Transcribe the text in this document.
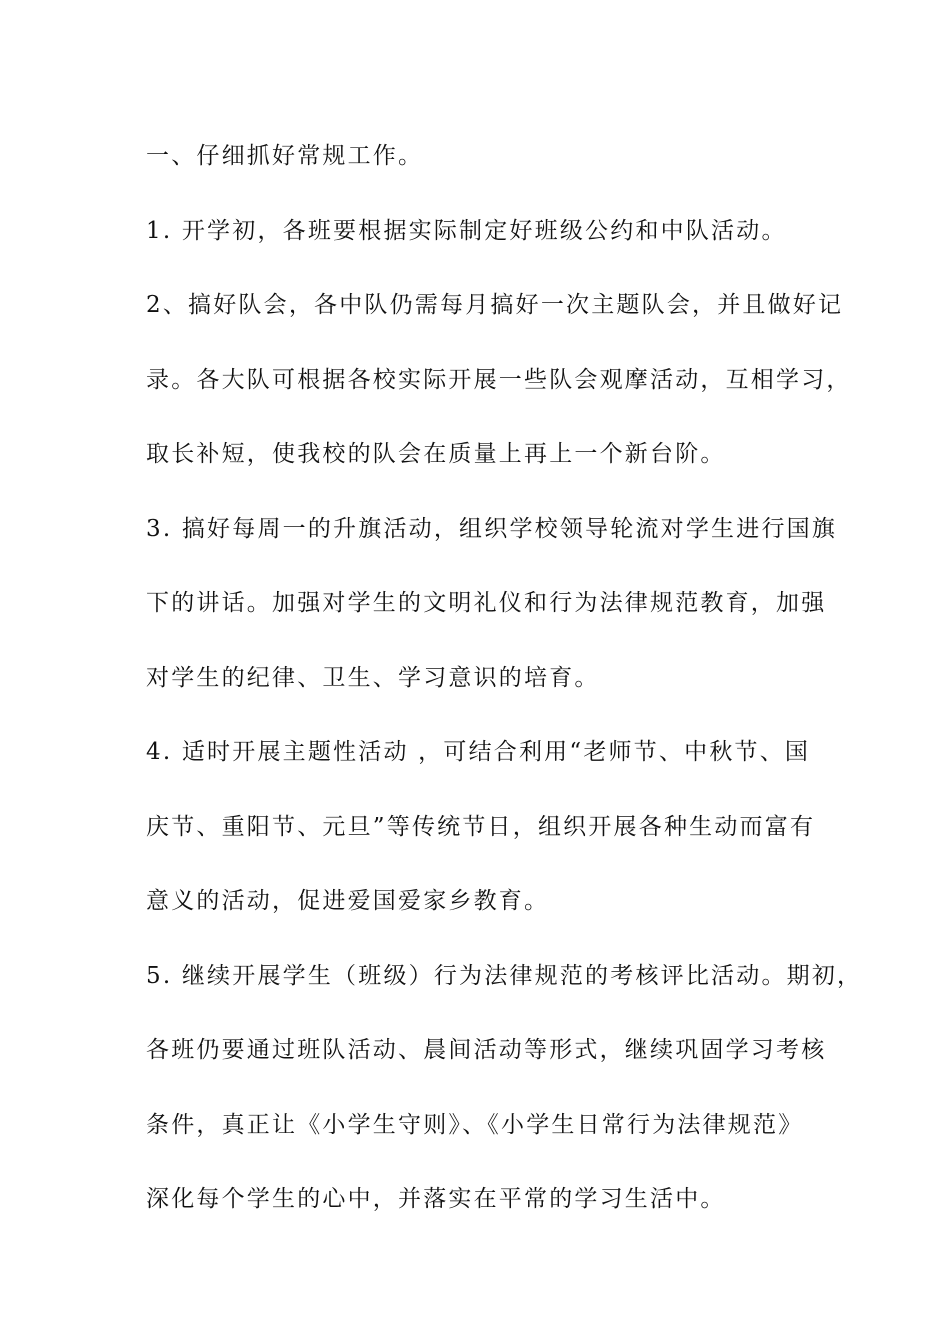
一、仔细抓好常规工作。
1. 开学初，各班要根据实际制定好班级公约和中队活动。
2、搞好队会，各中队仍需每月搞好一次主题队会，并且做好记
录。各大队可根据各校实际开展一些队会观摩活动，互相学习，
取长补短，使我校的队会在质量上再上一个新台阶。
3. 搞好每周一的升旗活动，组织学校领导轮流对学生进行国旗
下的讲话。加强对学生的文明礼仪和行为法律规范教育，加强
对学生的纪律、卫生、学习意识的培育。
4. 适时开展主题性活动 ，可结合利用“老师节、中秋节、国
庆节、重阳节、元旦”等传统节日，组织开展各种生动而富有
意义的活动，促进爱国爱家乡教育。
5. 继续开展学生（班级）行为法律规范的考核评比活动。期初，
各班仍要通过班队活动、晨间活动等形式，继续巩固学习考核
条件，真正让《小学生守则》、《小学生日常行为法律规范》
深化每个学生的心中，并落实在平常的学习生活中。
